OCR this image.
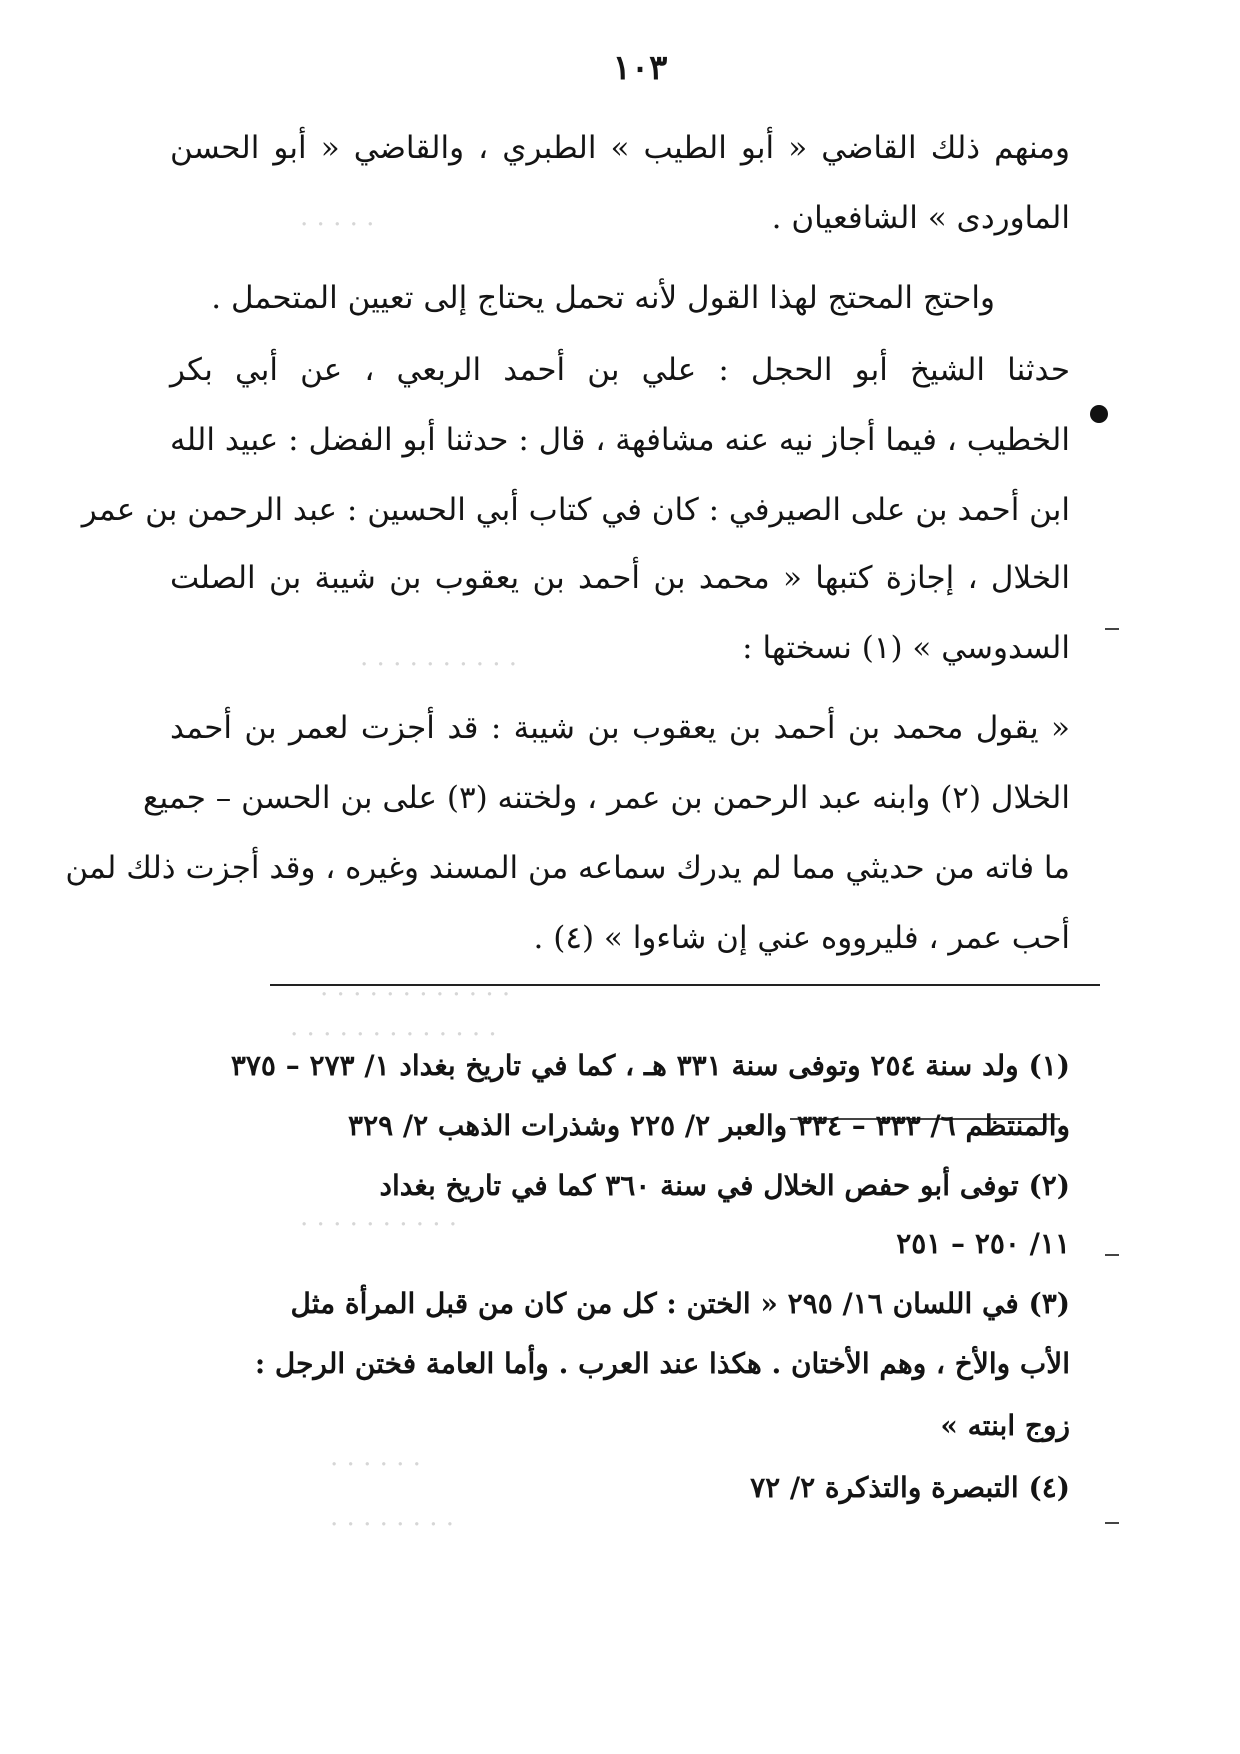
١٠٣
ومنهم ذلك القاضي « أبو الطيب » الطبري ، والقاضي « أبو الحسن
الماوردى » الشافعيان .
واحتج المحتج لهذا القول لأنه تحمل يحتاج إلى تعيين المتحمل .
حدثنا الشيخ أبو الحجل : علي بن أحمد الربعي ، عن أبي بكر
الخطيب ، فيما أجاز نيه عنه مشافهة ، قال : حدثنا أبو الفضل : عبيد الله
ابن أحمد بن على الصيرفي : كان في كتاب أبي الحسين : عبد الرحمن بن عمر
الخلال ، إجازة كتبها « محمد بن أحمد بن يعقوب بن شيبة بن الصلت
السدوسي » (١) نسختها :
« يقول محمد بن أحمد بن يعقوب بن شيبة : قد أجزت لعمر بن أحمد
الخلال (٢) وابنه عبد الرحمن بن عمر ، ولختنه (٣) على بن الحسن – جميع
ما فاته من حديثي مما لم يدرك سماعه من المسند وغيره ، وقد أجزت ذلك لمن
أحب عمر ، فليرووه عني إن شاءوا » (٤) .
(١) ولد سنة ٢٥٤ وتوفى سنة ٣٣١ هـ ، كما في تاريخ بغداد ١/ ٢٧٣ – ٣٧٥
والمنتظم ٦/ ٣٣٣ – ٣٣٤ والعبر ٢/ ٢٢٥ وشذرات الذهب ٢/ ٣٢٩
(٢) توفى أبو حفص الخلال في سنة ٣٦٠ كما في تاريخ بغداد
١١/ ٢٥٠ – ٢٥١
(٣) في اللسان ١٦/ ٢٩٥ « الختن : كل من كان من قبل المرأة مثل
الأب والأخ ، وهم الأختان . هكذا عند العرب . وأما العامة فختن الرجل :
زوج ابنته »
(٤) التبصرة والتذكرة ٢/ ٧٢
· · · · ·
· · · · · · · · · ·
· · · · · · · · · · · ·
· · · · · · · · · · · · ·
· · · · · · · · · ·
· · · · · ·
· · · · · · · ·
